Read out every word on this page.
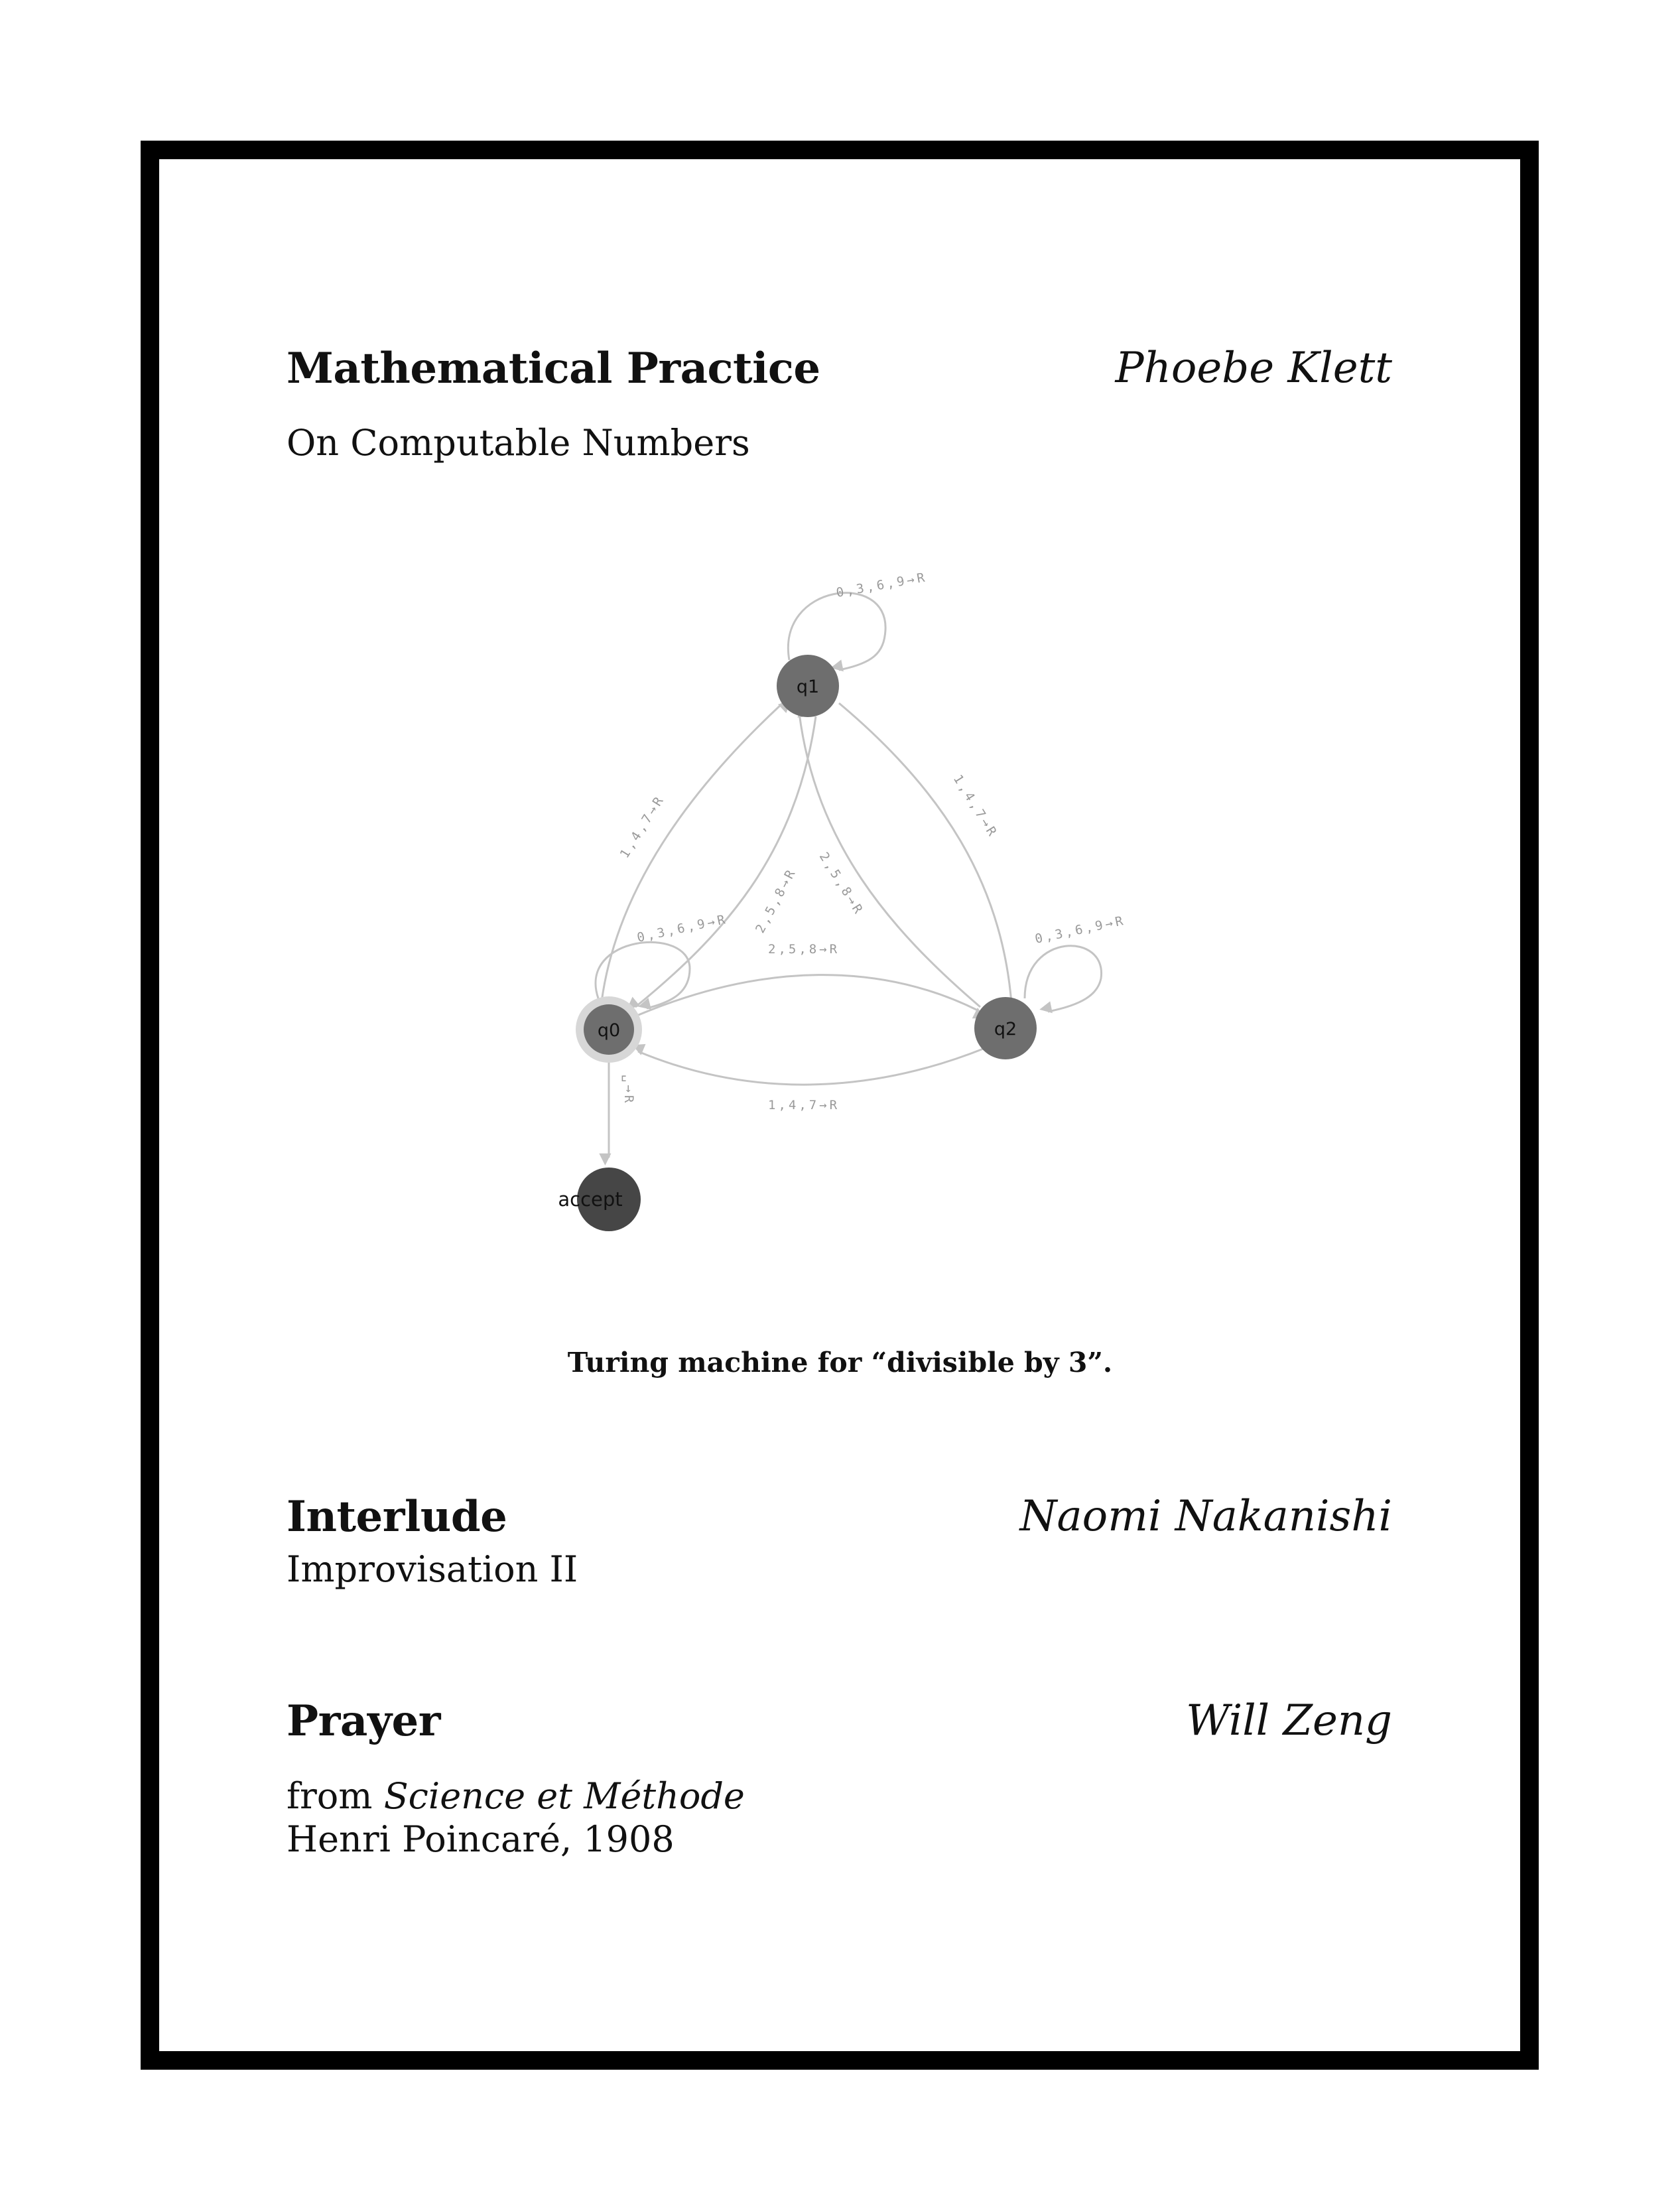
Mathematical Practice	Phoebe Klett
On Computable Numbers
0,3,6,9→R
1,4,7→R	1,4,7→R
2,5,8→R 2,5,8→R
0,3,6,9→R
2,5,8→R
0,3,6,9→R
1,4,7→R
␣→R
q0
q1
q2
accept
Turing machine for “divisible by 3”.
Interlude	Naomi Nakanishi
Improvisation II
Prayer	Will Zeng
from Science et Méthode
Henri Poincaré, 1908
